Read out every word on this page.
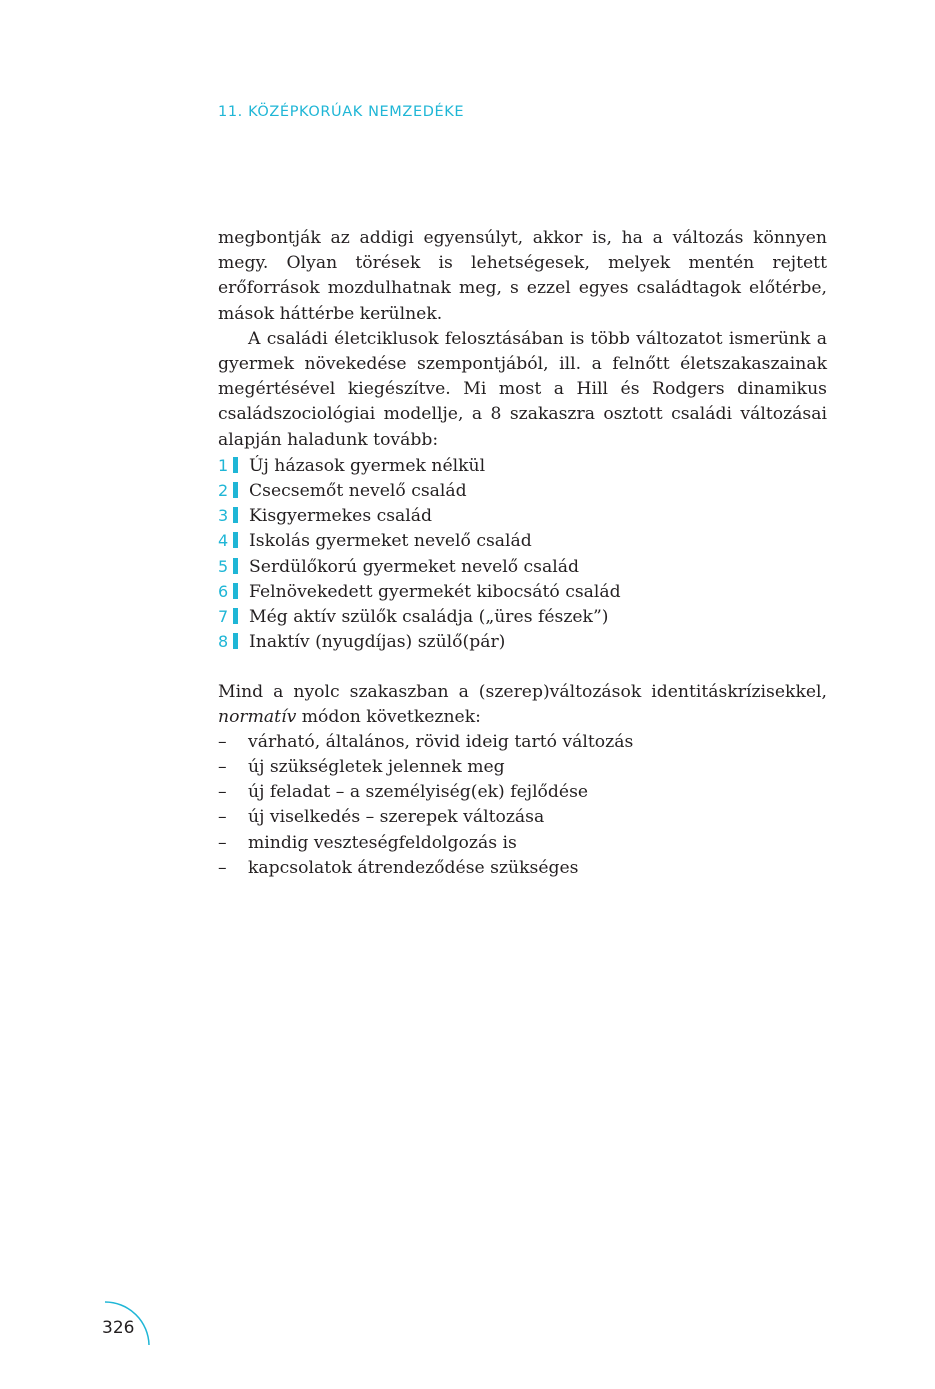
11. KÖZÉPKORÚAK NEMZEDÉKE

megbontják az addigi egyensúlyt, akkor is, ha a változás könnyen megy. Olyan törések is lehetségesek, melyek mentén rejtett erőforrások mozdulhatnak meg, s ezzel egyes családtagok előtérbe, mások háttérbe kerülnek.

A családi életciklusok felosztásában is több változatot ismerünk a gyermek növekedése szempontjából, ill. a felnőtt életszakaszainak megértésével kiegészítve. Mi most a Hill és Rodgers dinamikus családszociológiai modellje, a 8 szakaszra osztott családi változásai alapján haladunk tovább:

1 Új házasok gyermek nélkül
2 Csecsemőt nevelő család
3 Kisgyermekes család
4 Iskolás gyermeket nevelő család
5 Serdülőkorú gyermeket nevelő család
6 Felnövekedett gyermekét kibocsátó család
7 Még aktív szülők családja („üres fészek”)
8 Inaktív (nyugdíjas) szülő(pár)

Mind a nyolc szakaszban a (szerep)változások identitáskrízisekkel, normatív módon következnek:

–	várható, általános, rövid ideig tartó változás
–	új szükségletek jelennek meg
–	új feladat – a személyiség(ek) fejlődése
–	új viselkedés – szerepek változása
–	mindig veszteségfeldolgozás is
–	kapcsolatok átrendeződése szükséges
326
